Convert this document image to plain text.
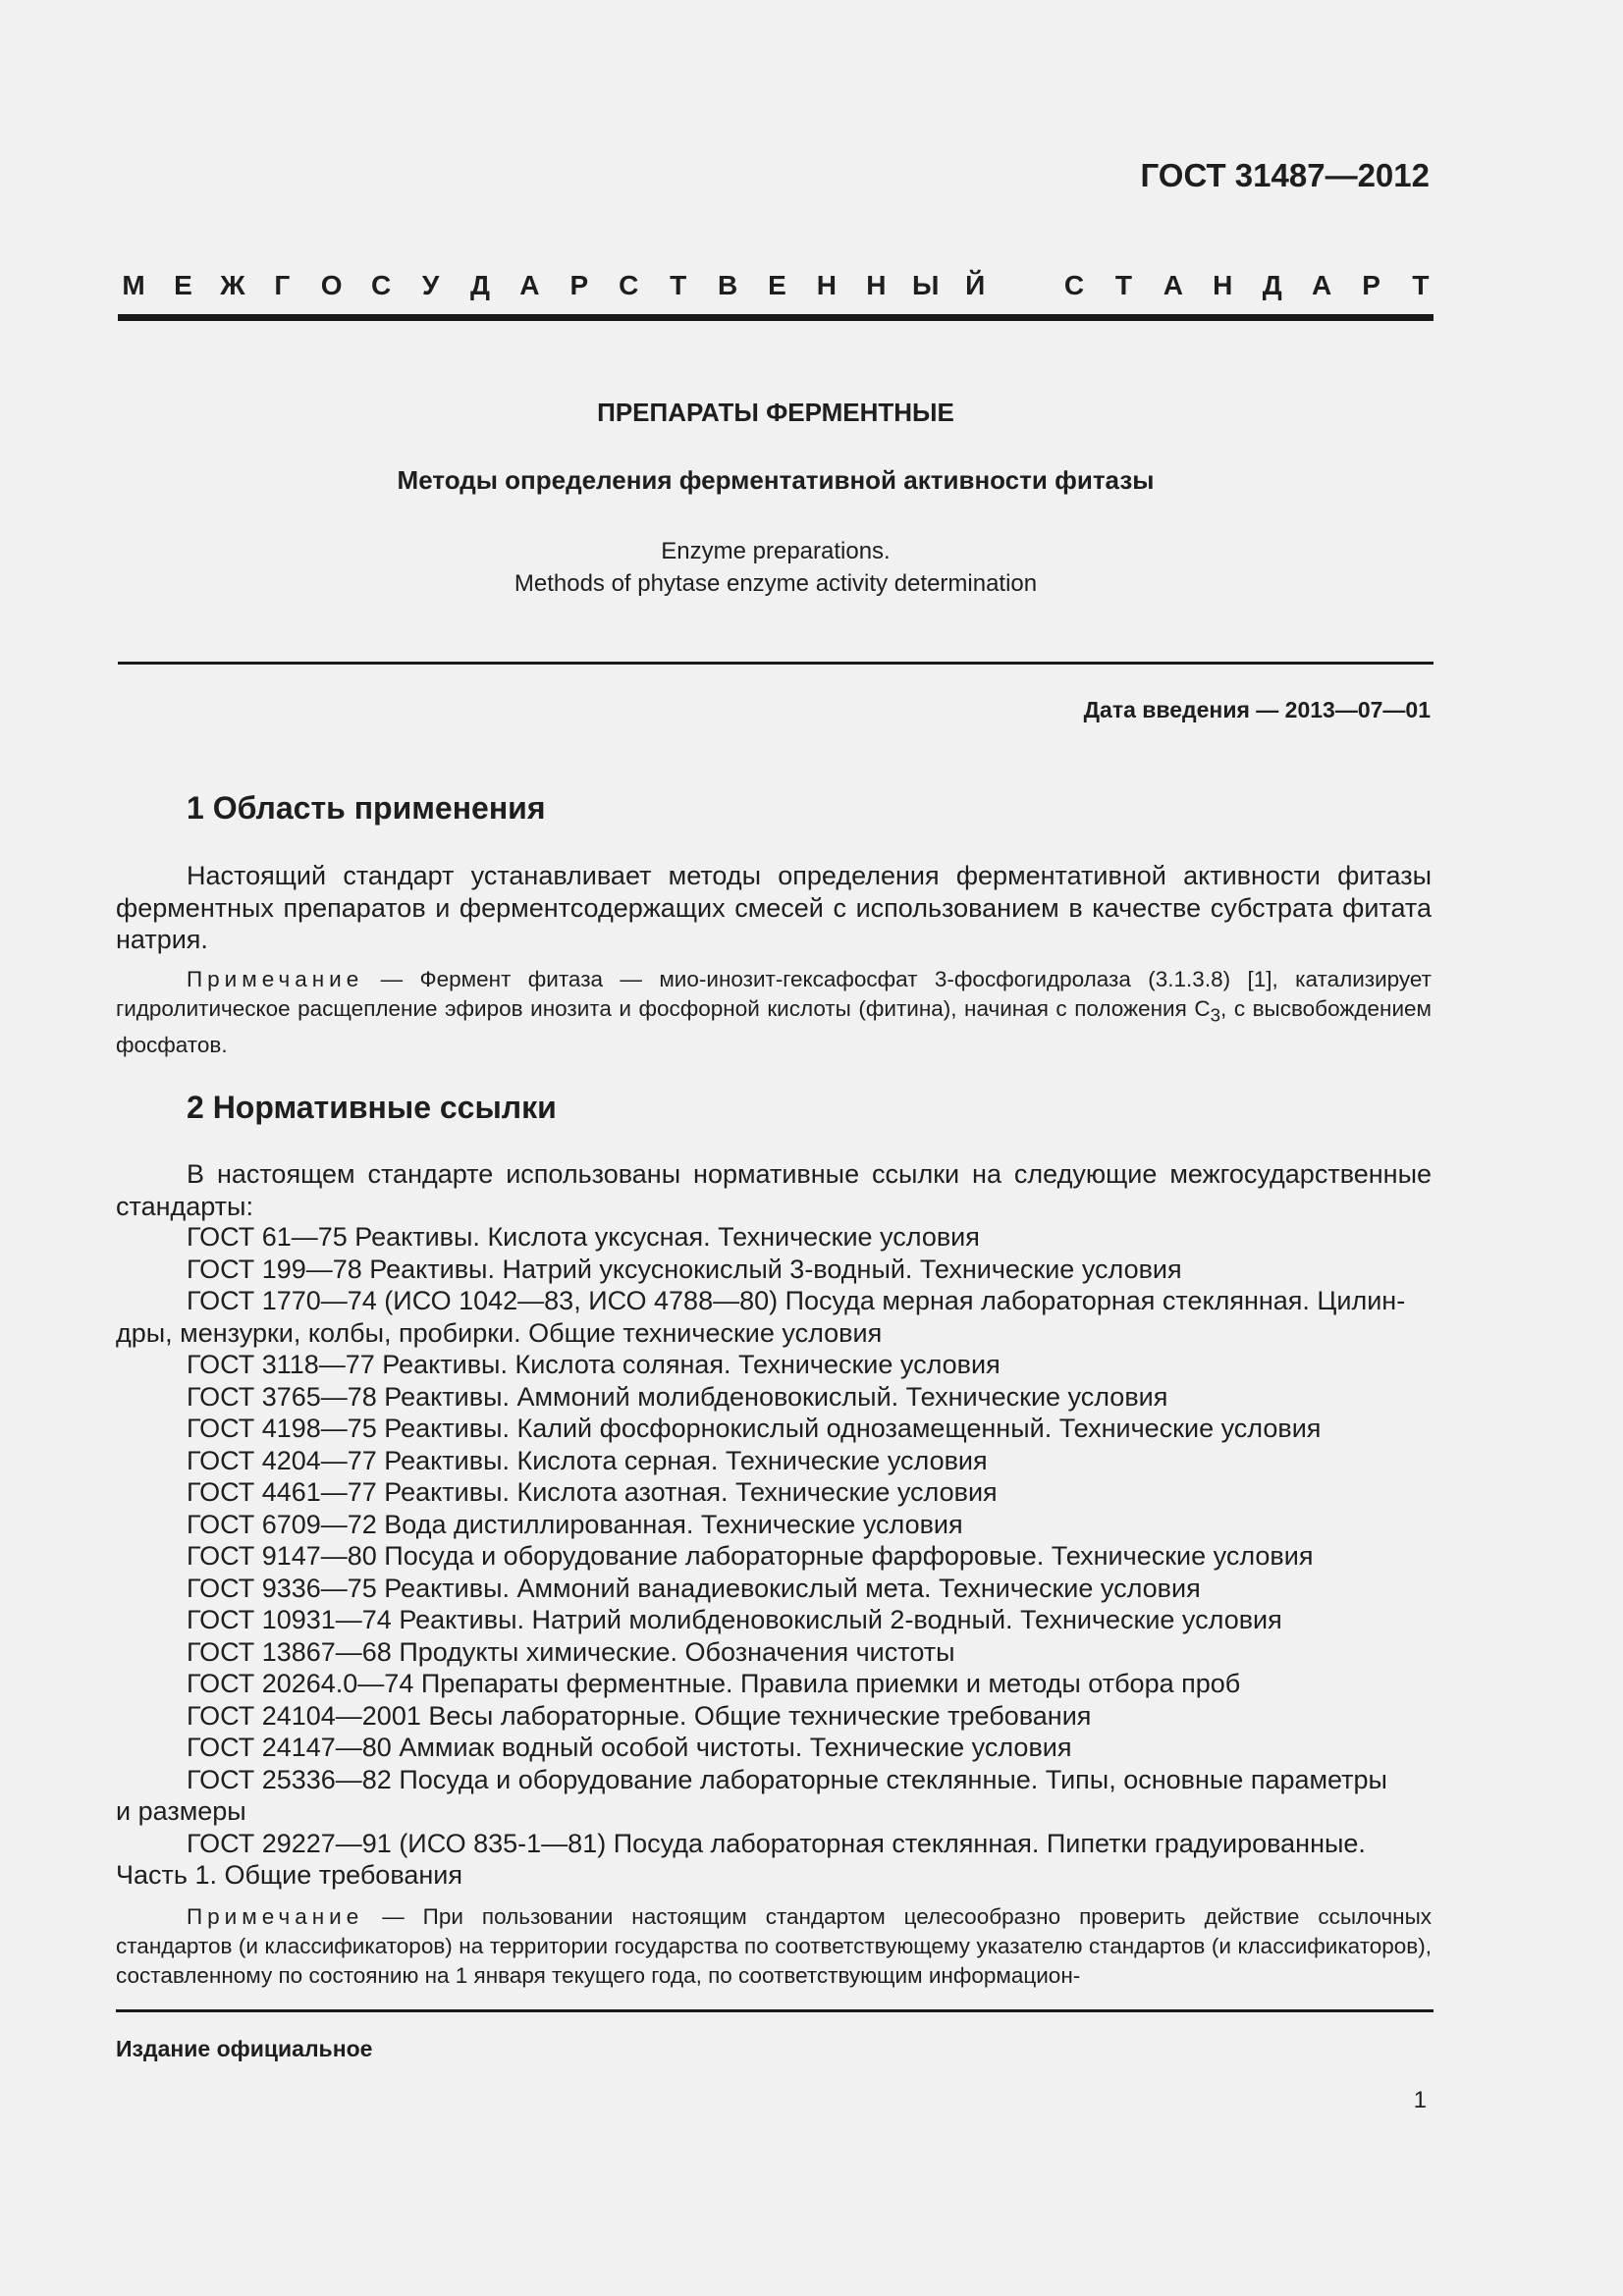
ГОСТ 31487—2012
М Е Ж Г О С У Д А Р С Т В Е Н Н Ы Й	С Т А Н Д А Р Т
ПРЕПАРАТЫ ФЕРМЕНТНЫЕ
Методы определения ферментативной активности фитазы
Enzyme preparations.
Methods of phytase enzyme activity determination
Дата введения — 2013—07—01
1 Область применения
Настоящий стандарт устанавливает методы определения ферментативной активности фитазы ферментных препаратов и ферментсодержащих смесей с использованием в качестве субстрата фитата натрия.
Примечание — Фермент фитаза — мио-инозит-гексафосфат 3-фосфогидролаза (3.1.3.8) [1], катализирует гидролитическое расщепление эфиров инозита и фосфорной кислоты (фитина), начиная с положения $С_3$, с высвобождением фосфатов.
2 Нормативные ссылки
В настоящем стандарте использованы нормативные ссылки на следующие межгосударственные стандарты:
ГОСТ 61—75 Реактивы. Кислота уксусная. Технические условия
ГОСТ 199—78 Реактивы. Натрий уксуснокислый 3-водный. Технические условия
ГОСТ 1770—74 (ИСО 1042—83, ИСО 4788—80) Посуда мерная лабораторная стеклянная. Цилин-
дры, мензурки, колбы, пробирки. Общие технические условия
ГОСТ 3118—77 Реактивы. Кислота соляная. Технические условия
ГОСТ 3765—78 Реактивы. Аммоний молибденовокислый. Технические условия
ГОСТ 4198—75 Реактивы. Калий фосфорнокислый однозамещенный. Технические условия
ГОСТ 4204—77 Реактивы. Кислота серная. Технические условия
ГОСТ 4461—77 Реактивы. Кислота азотная. Технические условия
ГОСТ 6709—72 Вода дистиллированная. Технические условия
ГОСТ 9147—80 Посуда и оборудование лабораторные фарфоровые. Технические условия
ГОСТ 9336—75 Реактивы. Аммоний ванадиевокислый мета. Технические условия
ГОСТ 10931—74 Реактивы. Натрий молибденовокислый 2-водный. Технические условия
ГОСТ 13867—68 Продукты химические. Обозначения чистоты
ГОСТ 20264.0—74 Препараты ферментные. Правила приемки и методы отбора проб
ГОСТ 24104—2001 Весы лабораторные. Общие технические требования
ГОСТ 24147—80 Аммиак водный особой чистоты. Технические условия
ГОСТ 25336—82 Посуда и оборудование лабораторные стеклянные. Типы, основные параметры
и размеры
ГОСТ 29227—91 (ИСО 835-1—81) Посуда лабораторная стеклянная. Пипетки градуированные.
Часть 1. Общие требования
Примечание — При пользовании настоящим стандартом целесообразно проверить действие ссылочных стандартов (и классификаторов) на территории государства по соответствующему указателю стандартов (и классификаторов), составленному по состоянию на 1 января текущего года, по соответствующим информацион-
Издание официальное
1
